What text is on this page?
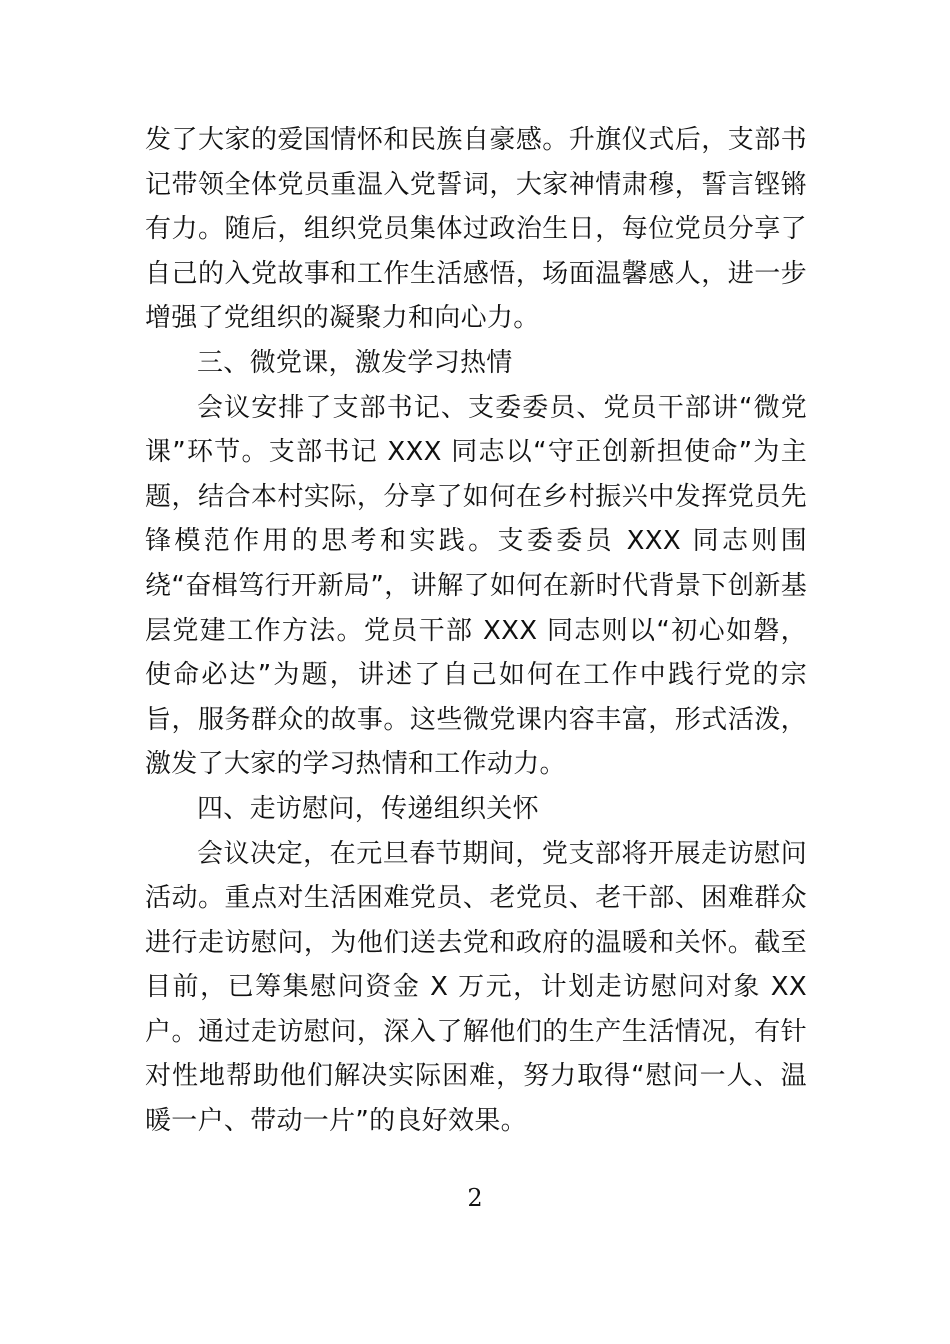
发了大家的爱国情怀和民族自豪感。升旗仪式后，支部书记带领全体党员重温入党誓词，大家神情肃穆，誓言铿锵有力。随后，组织党员集体过政治生日，每位党员分享了自己的入党故事和工作生活感悟，场面温馨感人，进一步增强了党组织的凝聚力和向心力。

三、微党课，激发学习热情

会议安排了支部书记、支委委员、党员干部讲“微党课”环节。支部书记 XXX 同志以“守正创新担使命”为主题，结合本村实际，分享了如何在乡村振兴中发挥党员先锋模范作用的思考和实践。支委委员 XXX 同志则围绕“奋楫笃行开新局”，讲解了如何在新时代背景下创新基层党建工作方法。党员干部 XXX 同志则以“初心如磐，使命必达”为题，讲述了自己如何在工作中践行党的宗旨，服务群众的故事。这些微党课内容丰富，形式活泼，激发了大家的学习热情和工作动力。

四、走访慰问，传递组织关怀

会议决定，在元旦春节期间，党支部将开展走访慰问活动。重点对生活困难党员、老党员、老干部、困难群众进行走访慰问，为他们送去党和政府的温暖和关怀。截至目前，已筹集慰问资金 X 万元，计划走访慰问对象 XX 户。通过走访慰问，深入了解他们的生产生活情况，有针对性地帮助他们解决实际困难，努力取得“慰问一人、温暖一户、带动一片”的良好效果。

2
